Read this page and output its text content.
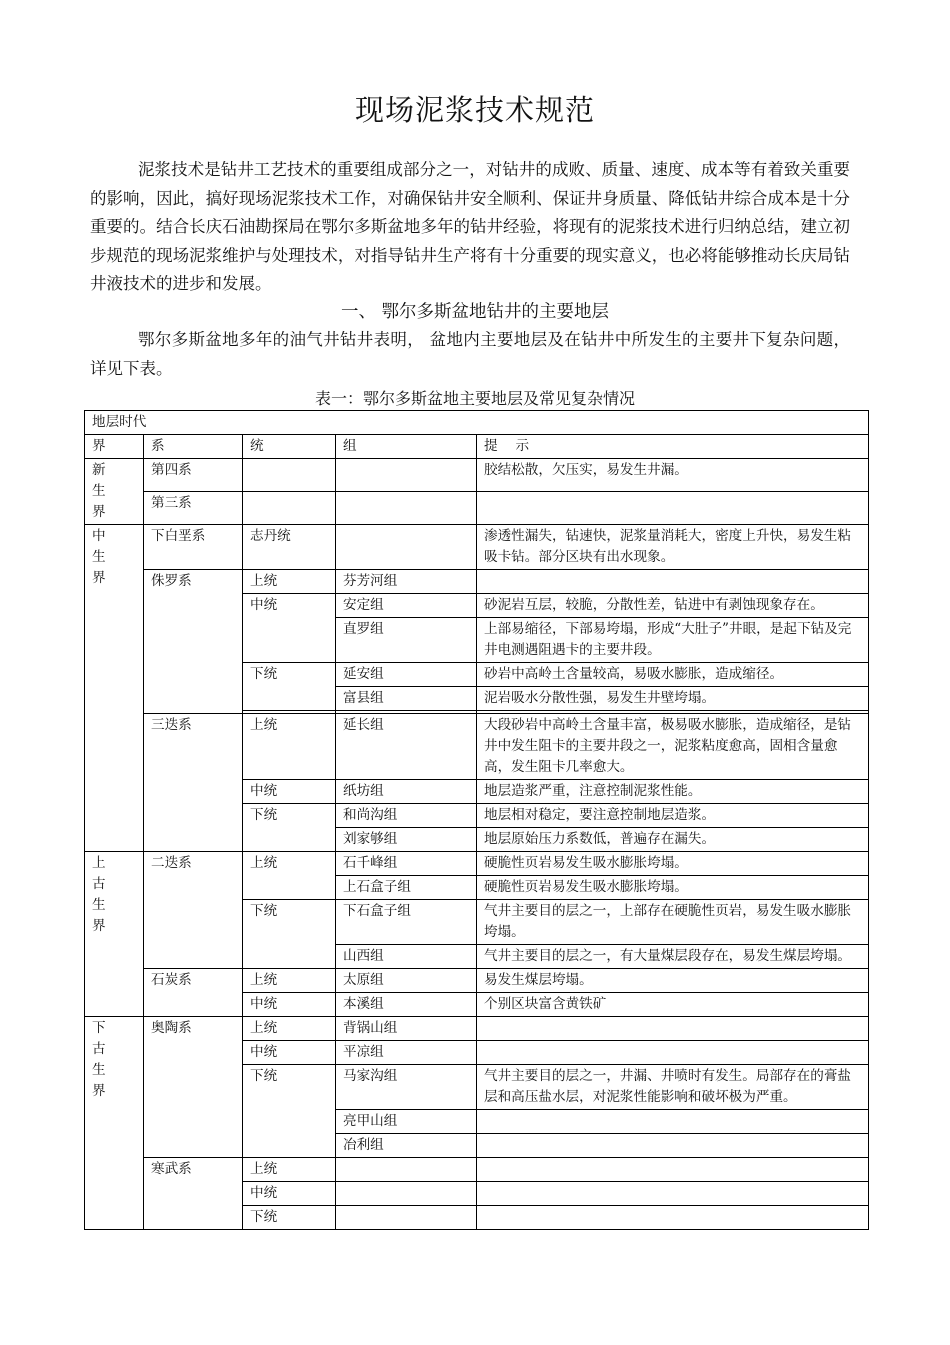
现场泥浆技术规范
泥浆技术是钻井工艺技术的重要组成部分之一，对钻井的成败、质量、速度、成本等有着致关重要的影响，因此，搞好现场泥浆技术工作，对确保钻井安全顺利、保证井身质量、降低钻井综合成本是十分重要的。结合长庆石油勘探局在鄂尔多斯盆地多年的钻井经验，将现有的泥浆技术进行归纳总结，建立初步规范的现场泥浆维护与处理技术，对指导钻井生产将有十分重要的现实意义，也必将能够推动长庆局钻井液技术的进步和发展。
一、 鄂尔多斯盆地钻井的主要地层
鄂尔多斯盆地多年的油气井钻井表明， 盆地内主要地层及在钻井中所发生的主要井下复杂问题，详见下表。
表一：鄂尔多斯盆地主要地层及常见复杂情况
地层时代				
界	系	统	组	提　 示
新 生 界	第四系			胶结松散，欠压实，易发生井漏。
	第三系			
中 生 界	下白垩系	志丹统		渗透性漏失，钻速快，泥浆量消耗大，密度上升快，易发生粘吸卡钻。部分区块有出水现象。
	侏罗系	上统	芬芳河组	
		中统	安定组	砂泥岩互层，较脆，分散性差，钻进中有剥蚀现象存在。
			直罗组	上部易缩径，下部易垮塌，形成“大肚子”井眼，是起下钻及完井电测遇阻遇卡的主要井段。
		下统	延安组	砂岩中高岭土含量较高，易吸水膨胀，造成缩径。
			富县组	泥岩吸水分散性强，易发生井壁垮塌。

	三迭系	上统	延长组	大段砂岩中高岭土含量丰富，极易吸水膨胀，造成缩径，是钻井中发生阻卡的主要井段之一，泥浆粘度愈高，固相含量愈高，发生阻卡几率愈大。
		中统	纸坊组	地层造浆严重，注意控制泥浆性能。
		下统	和尚沟组	地层相对稳定，要注意控制地层造浆。
			刘家够组	地层原始压力系数低，普遍存在漏失。
上 古 生界	二迭系	上统	石千峰组	硬脆性页岩易发生吸水膨胀垮塌。
			上石盒子组	硬脆性页岩易发生吸水膨胀垮塌。
		下统	下石盒子组	气井主要目的层之一，上部存在硬脆性页岩，易发生吸水膨胀垮塌。
			山西组	气井主要目的层之一，有大量煤层段存在，易发生煤层垮塌。
	石炭系	上统	太原组	易发生煤层垮塌。
		中统	本溪组	个别区块富含黄铁矿
下 古 生界	奥陶系	上统	背锅山组	
		中统	平凉组	
		下统	马家沟组	气井主要目的层之一，井漏、井喷时有发生。局部存在的膏盐层和高压盐水层，对泥浆性能影响和破坏极为严重。
			亮甲山组	
			冶利组	
	寒武系	上统		
		中统		
		下统		
